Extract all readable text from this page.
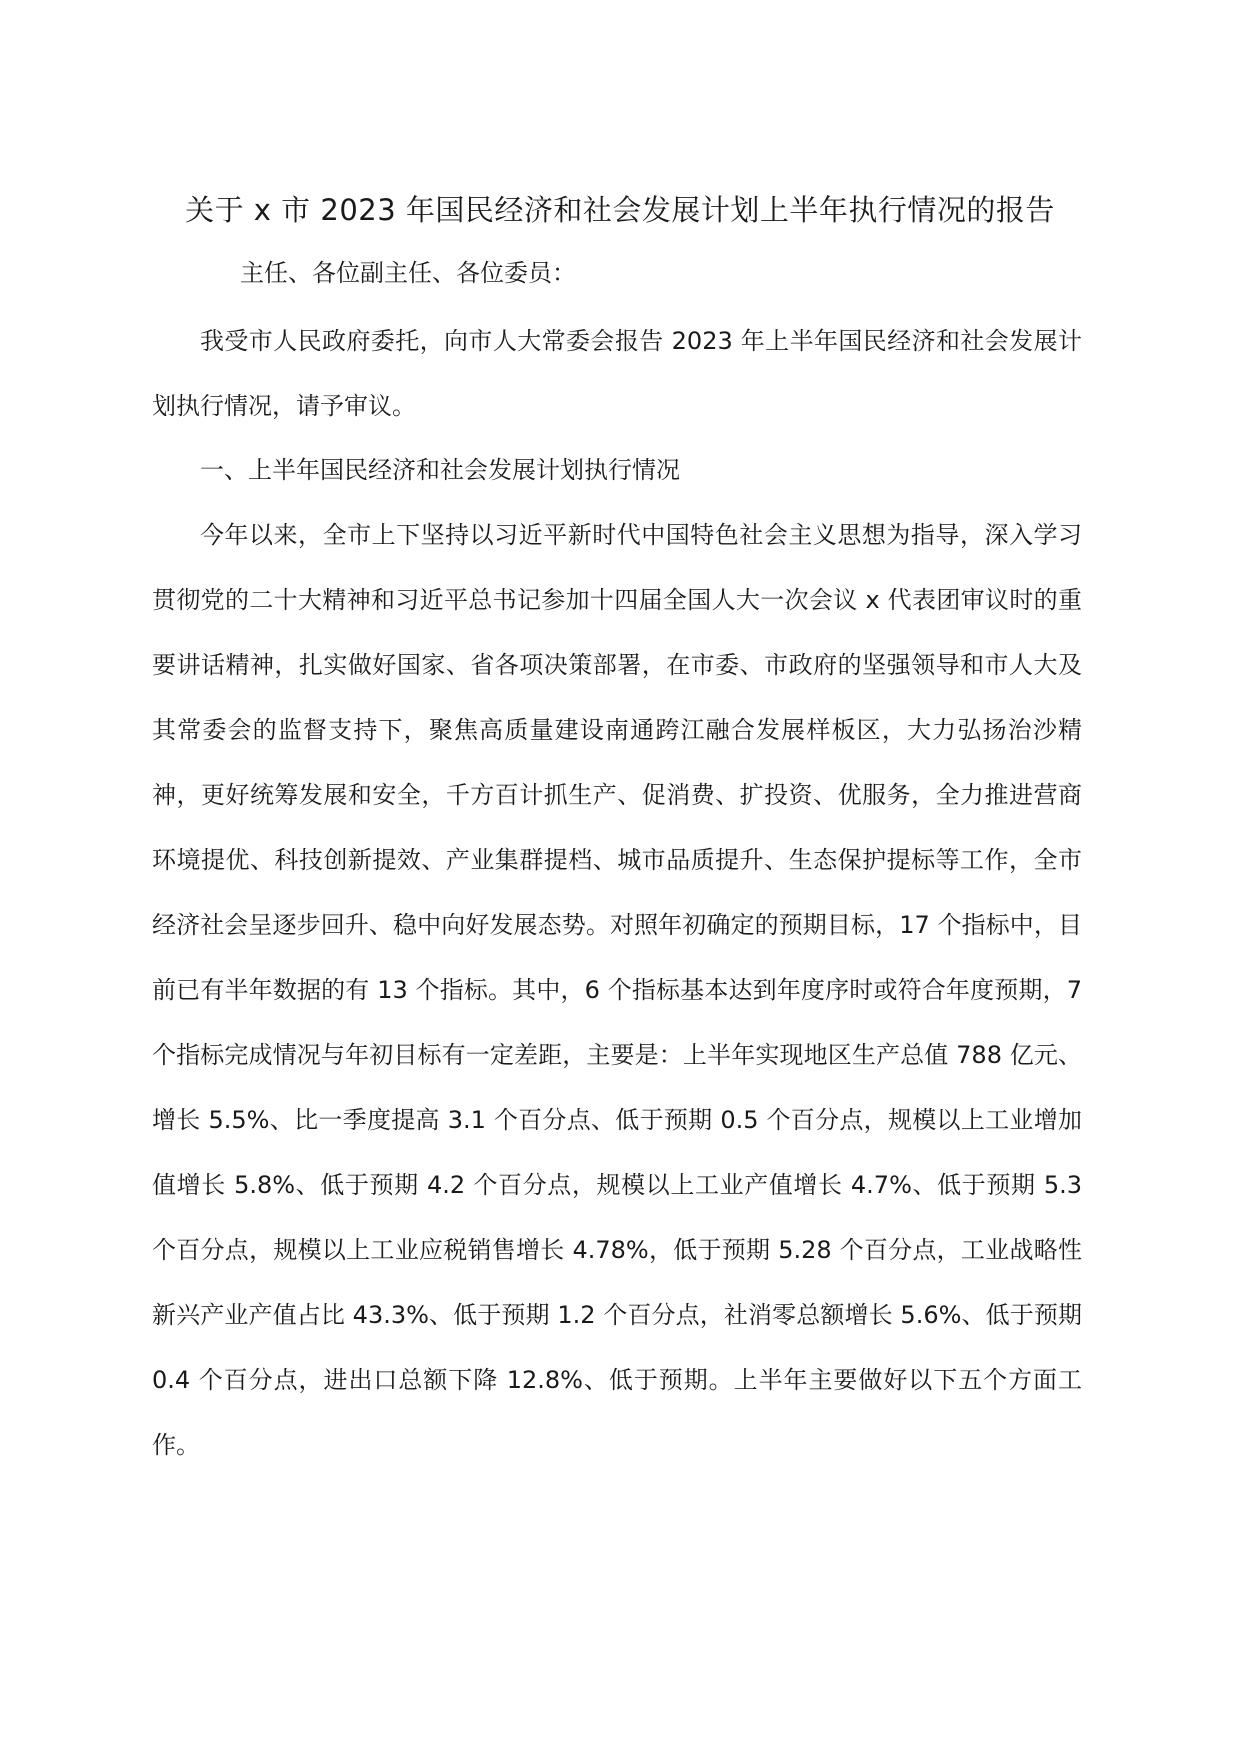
关于 x 市 2023 年国民经济和社会发展计划上半年执行情况的报告

主任、各位副主任、各位委员：

我受市人民政府委托，向市人大常委会报告 2023 年上半年国民经济和社会发展计划执行情况，请予审议。

一、上半年国民经济和社会发展计划执行情况

今年以来，全市上下坚持以习近平新时代中国特色社会主义思想为指导，深入学习贯彻党的二十大精神和习近平总书记参加十四届全国人大一次会议 x 代表团审议时的重要讲话精神，扎实做好国家、省各项决策部署，在市委、市政府的坚强领导和市人大及其常委会的监督支持下，聚焦高质量建设南通跨江融合发展样板区，大力弘扬治沙精神，更好统筹发展和安全，千方百计抓生产、促消费、扩投资、优服务，全力推进营商环境提优、科技创新提效、产业集群提档、城市品质提升、生态保护提标等工作，全市经济社会呈逐步回升、稳中向好发展态势。对照年初确定的预期目标，17 个指标中，目前已有半年数据的有 13 个指标。其中，6 个指标基本达到年度序时或符合年度预期，7 个指标完成情况与年初目标有一定差距，主要是：上半年实现地区生产总值 788 亿元、增长 5.5%、比一季度提高 3.1 个百分点、低于预期 0.5 个百分点，规模以上工业增加值增长 5.8%、低于预期 4.2 个百分点，规模以上工业产值增长 4.7%、低于预期 5.3 个百分点，规模以上工业应税销售增长 4.78%，低于预期 5.28 个百分点，工业战略性新兴产业产值占比 43.3%、低于预期 1.2 个百分点，社消零总额增长 5.6%、低于预期 0.4 个百分点，进出口总额下降 12.8%、低于预期。上半年主要做好以下五个方面工作。
